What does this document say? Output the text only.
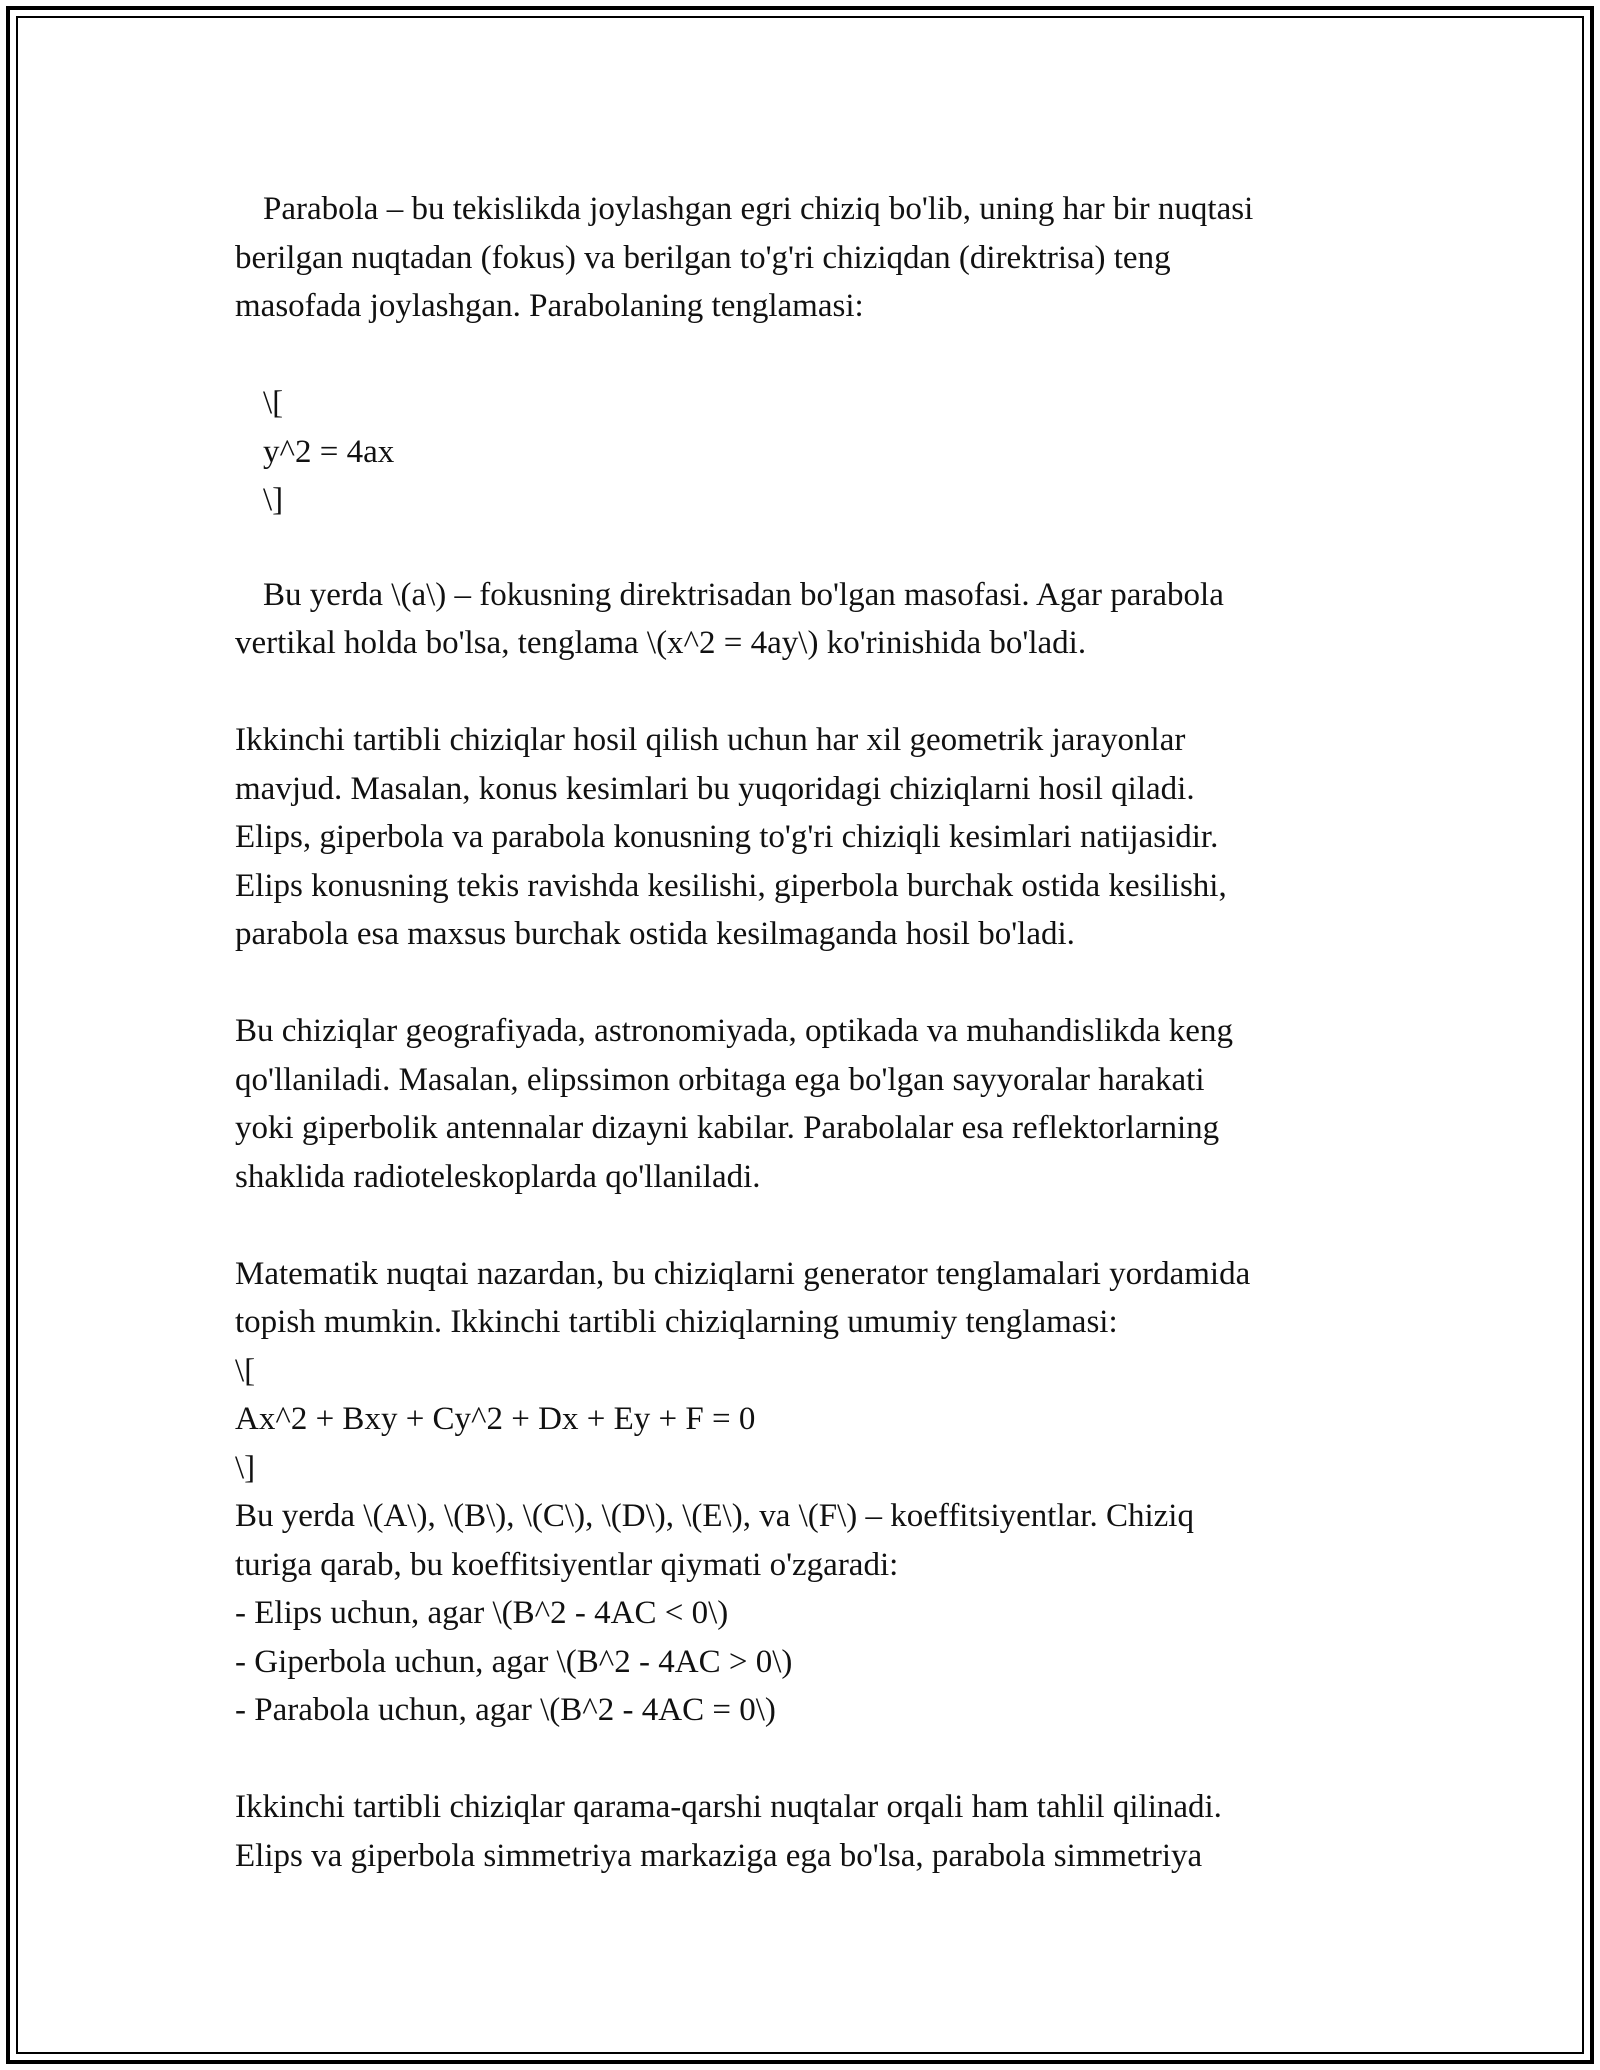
Parabola – bu tekislikda joylashgan egri chiziq bo'lib, uning har bir nuqtasi
berilgan nuqtadan (fokus) va berilgan to'g'ri chiziqdan (direktrisa) teng
masofada joylashgan. Parabolaning tenglamasi:
\[
y^2 = 4ax
\]
Bu yerda \(a\) – fokusning direktrisadan bo'lgan masofasi. Agar parabola
vertikal holda bo'lsa, tenglama \(x^2 = 4ay\) ko'rinishida bo'ladi.
Ikkinchi tartibli chiziqlar hosil qilish uchun har xil geometrik jarayonlar
mavjud. Masalan, konus kesimlari bu yuqoridagi chiziqlarni hosil qiladi.
Elips, giperbola va parabola konusning to'g'ri chiziqli kesimlari natijasidir.
Elips konusning tekis ravishda kesilishi, giperbola burchak ostida kesilishi,
parabola esa maxsus burchak ostida kesilmaganda hosil bo'ladi.
Bu chiziqlar geografiyada, astronomiyada, optikada va muhandislikda keng
qo'llaniladi. Masalan, elipssimon orbitaga ega bo'lgan sayyoralar harakati
yoki giperbolik antennalar dizayni kabilar. Parabolalar esa reflektorlarning
shaklida radioteleskoplarda qo'llaniladi.
Matematik nuqtai nazardan, bu chiziqlarni generator tenglamalari yordamida
topish mumkin. Ikkinchi tartibli chiziqlarning umumiy tenglamasi:
\[
Ax^2 + Bxy + Cy^2 + Dx + Ey + F = 0
\]
Bu yerda \(A\), \(B\), \(C\), \(D\), \(E\), va \(F\) – koeffitsiyentlar. Chiziq
turiga qarab, bu koeffitsiyentlar qiymati o'zgaradi:
- Elips uchun, agar \(B^2 - 4AC < 0\)
- Giperbola uchun, agar \(B^2 - 4AC > 0\)
- Parabola uchun, agar \(B^2 - 4AC = 0\)
Ikkinchi tartibli chiziqlar qarama-qarshi nuqtalar orqali ham tahlil qilinadi.
Elips va giperbola simmetriya markaziga ega bo'lsa, parabola simmetriya
